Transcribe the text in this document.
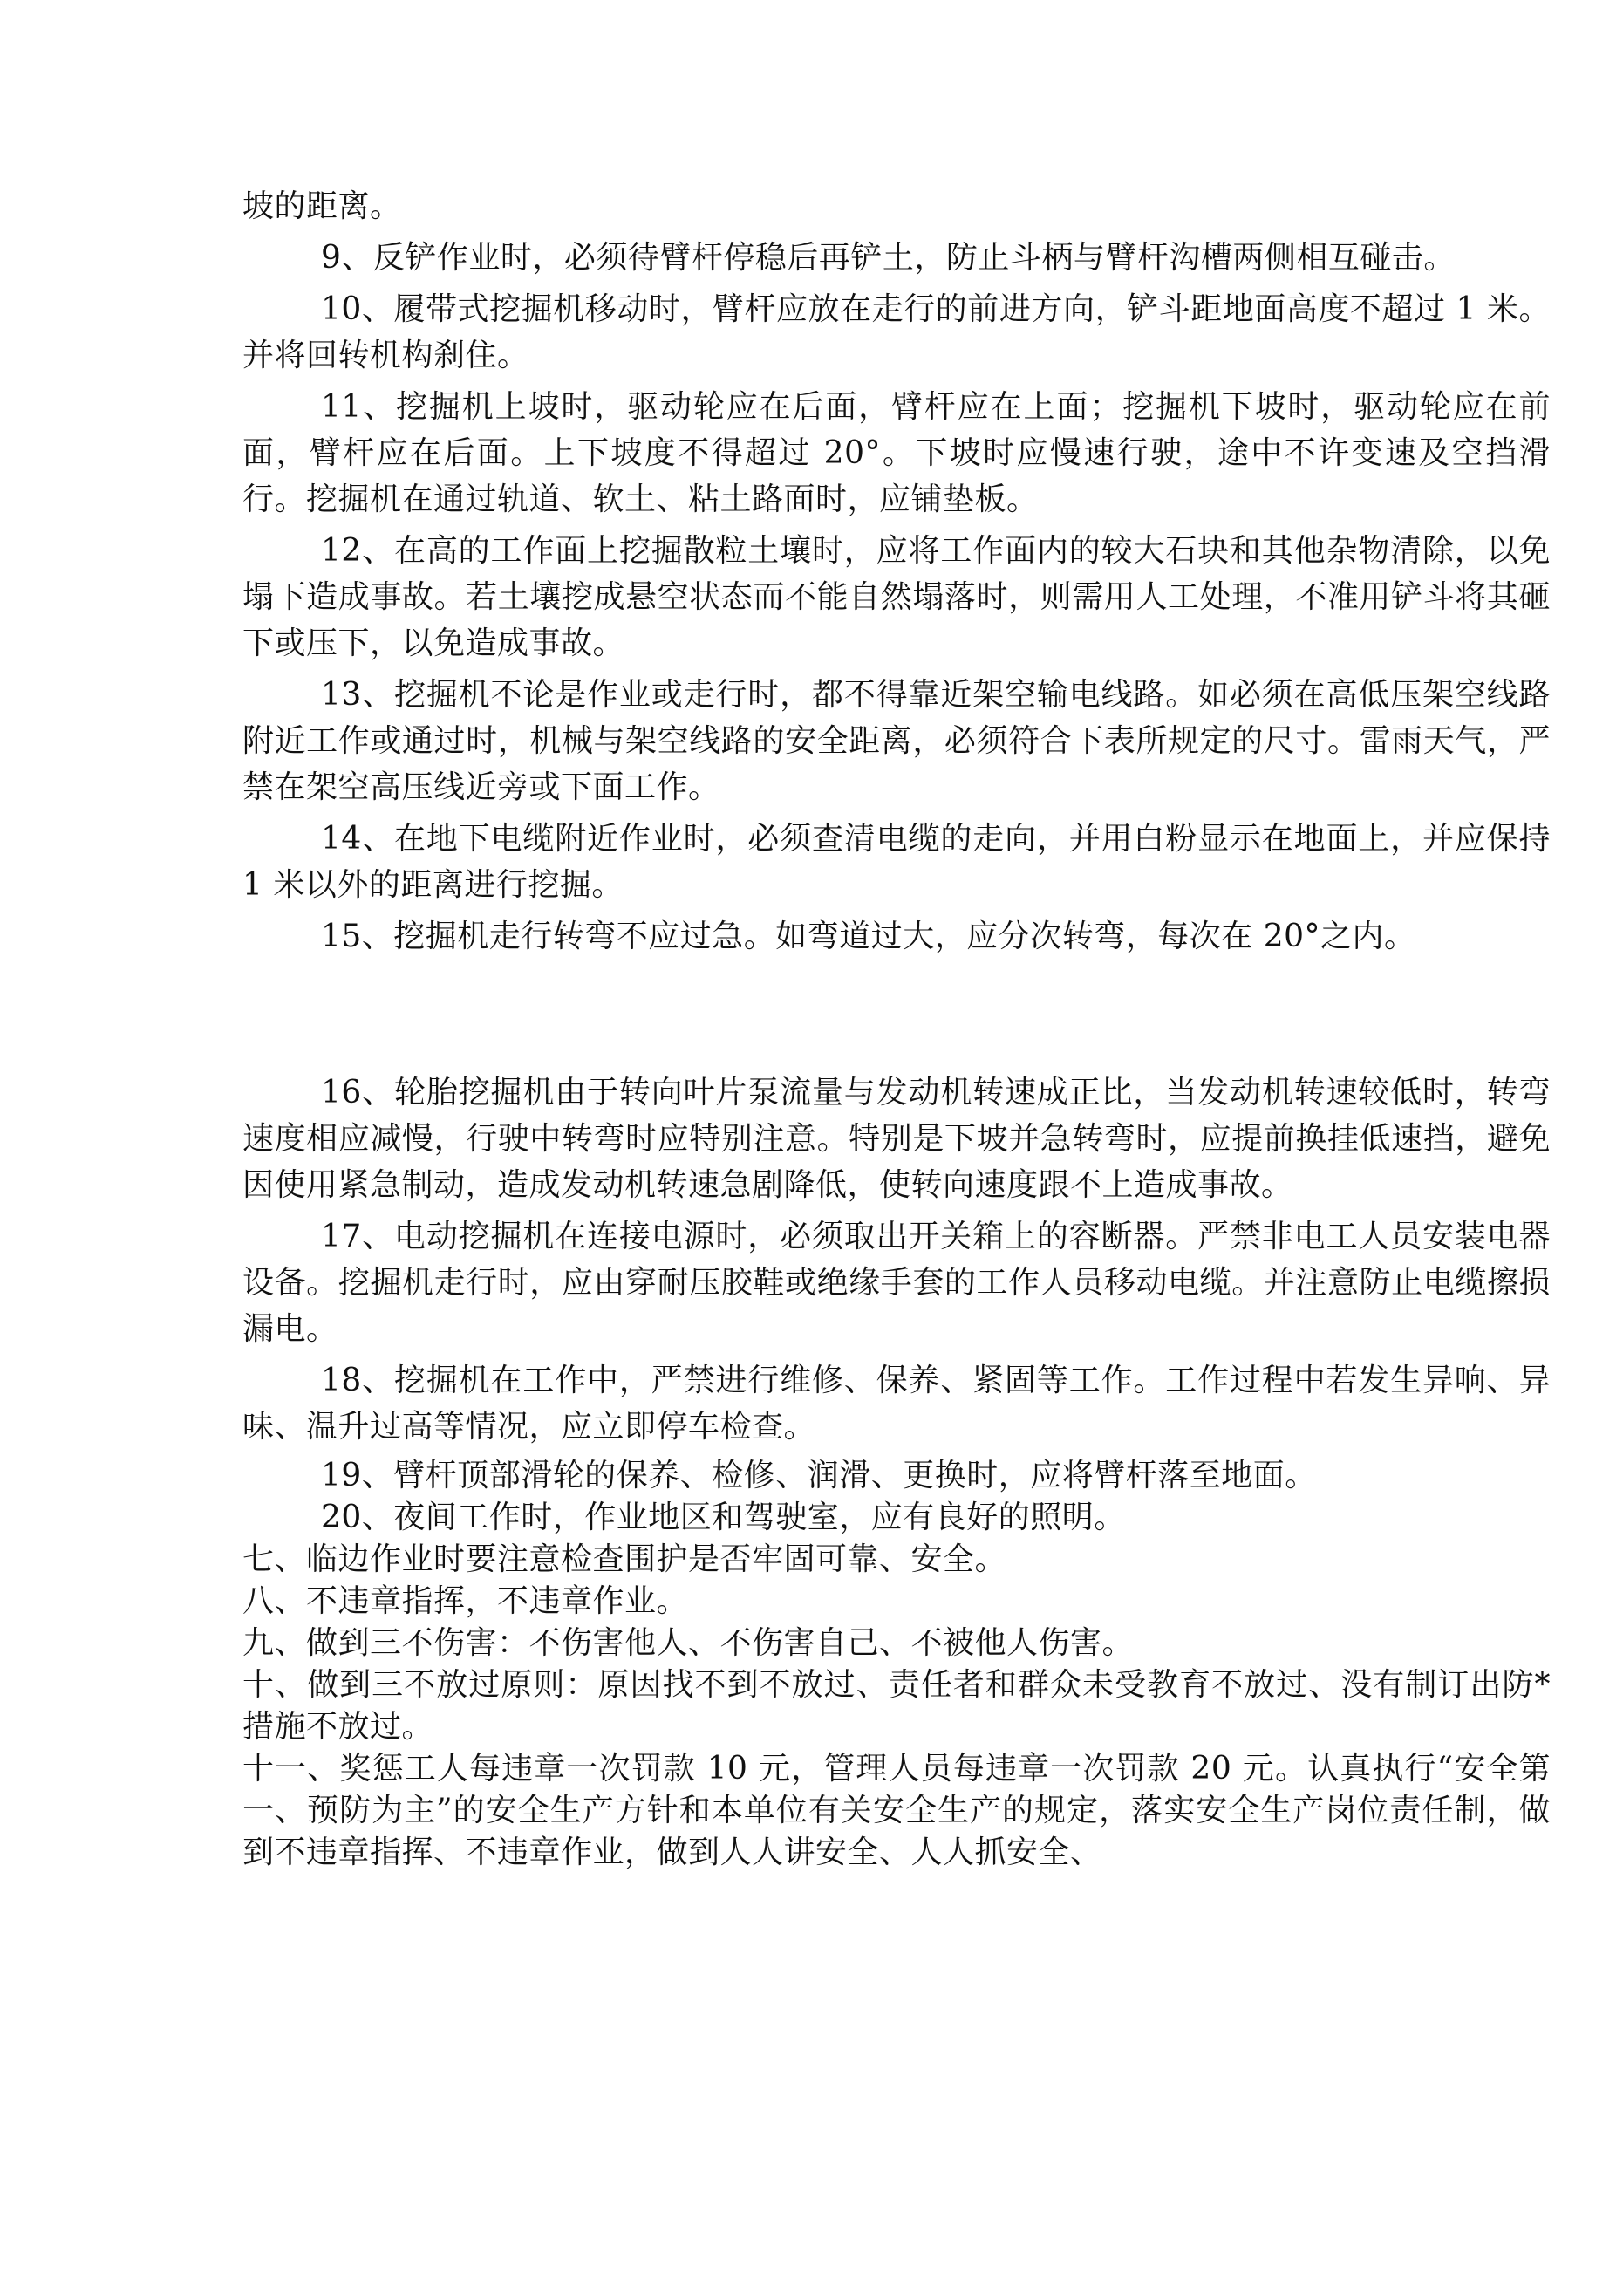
坡的距离。

9、反铲作业时，必须待臂杆停稳后再铲土，防止斗柄与臂杆沟槽两侧相互碰击。

10、履带式挖掘机移动时，臂杆应放在走行的前进方向，铲斗距地面高度不超过 1 米。并将回转机构刹住。

11、挖掘机上坡时，驱动轮应在后面，臂杆应在上面；挖掘机下坡时，驱动轮应在前面，臂杆应在后面。上下坡度不得超过 20°。下坡时应慢速行驶，途中不许变速及空挡滑行。挖掘机在通过轨道、软土、粘土路面时，应铺垫板。

12、在高的工作面上挖掘散粒土壤时，应将工作面内的较大石块和其他杂物清除，以免塌下造成事故。若土壤挖成悬空状态而不能自然塌落时，则需用人工处理，不准用铲斗将其砸下或压下，以免造成事故。

13、挖掘机不论是作业或走行时，都不得靠近架空输电线路。如必须在高低压架空线路附近工作或通过时，机械与架空线路的安全距离，必须符合下表所规定的尺寸。雷雨天气，严禁在架空高压线近旁或下面工作。

14、在地下电缆附近作业时，必须查清电缆的走向，并用白粉显示在地面上，并应保持 1 米以外的距离进行挖掘。

15、挖掘机走行转弯不应过急。如弯道过大，应分次转弯，每次在 20°之内。

16、轮胎挖掘机由于转向叶片泵流量与发动机转速成正比，当发动机转速较低时，转弯速度相应减慢，行驶中转弯时应特别注意。特别是下坡并急转弯时，应提前换挂低速挡，避免因使用紧急制动，造成发动机转速急剧降低，使转向速度跟不上造成事故。

17、电动挖掘机在连接电源时，必须取出开关箱上的容断器。严禁非电工人员安装电器设备。挖掘机走行时，应由穿耐压胶鞋或绝缘手套的工作人员移动电缆。并注意防止电缆擦损漏电。

18、挖掘机在工作中，严禁进行维修、保养、紧固等工作。工作过程中若发生异响、异味、温升过高等情况，应立即停车检查。

19、臂杆顶部滑轮的保养、检修、润滑、更换时，应将臂杆落至地面。

20、夜间工作时，作业地区和驾驶室，应有良好的照明。

七、临边作业时要注意检查围护是否牢固可靠、安全。

八、不违章指挥，不违章作业。

九、做到三不伤害：不伤害他人、不伤害自己、不被他人伤害。

十、做到三不放过原则：原因找不到不放过、责任者和群众未受教育不放过、没有制订出防*措施不放过。

十一、奖惩工人每违章一次罚款 10 元，管理人员每违章一次罚款 20 元。认真执行“安全第一、预防为主”的安全生产方针和本单位有关安全生产的规定，落实安全生产岗位责任制，做到不违章指挥、不违章作业，做到人人讲安全、人人抓安全、
